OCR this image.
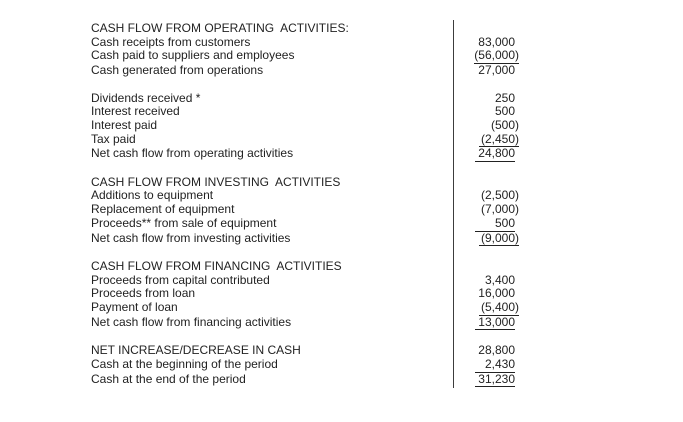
CASH FLOW FROM OPERATING  ACTIVITIES:
Cash receipts from customers	83,000
Cash paid to suppliers and employees	(56,000)
Cash generated from operations	27,000
Dividends received *	250
Interest received	500
Interest paid	(500)
Tax paid	(2,450)
Net cash flow from operating activities	24,800
CASH FLOW FROM INVESTING  ACTIVITIES
Additions to equipment	(2,500)
Replacement of equipment	(7,000)
Proceeds** from sale of equipment	500
Net cash flow from investing activities	(9,000)
CASH FLOW FROM FINANCING  ACTIVITIES
Proceeds from capital contributed	3,400
Proceeds from loan	16,000
Payment of loan	(5,400)
Net cash flow from financing activities	13,000
NET INCREASE/DECREASE IN CASH	28,800
Cash at the beginning of the period	2,430
Cash at the end of the period	31,230
